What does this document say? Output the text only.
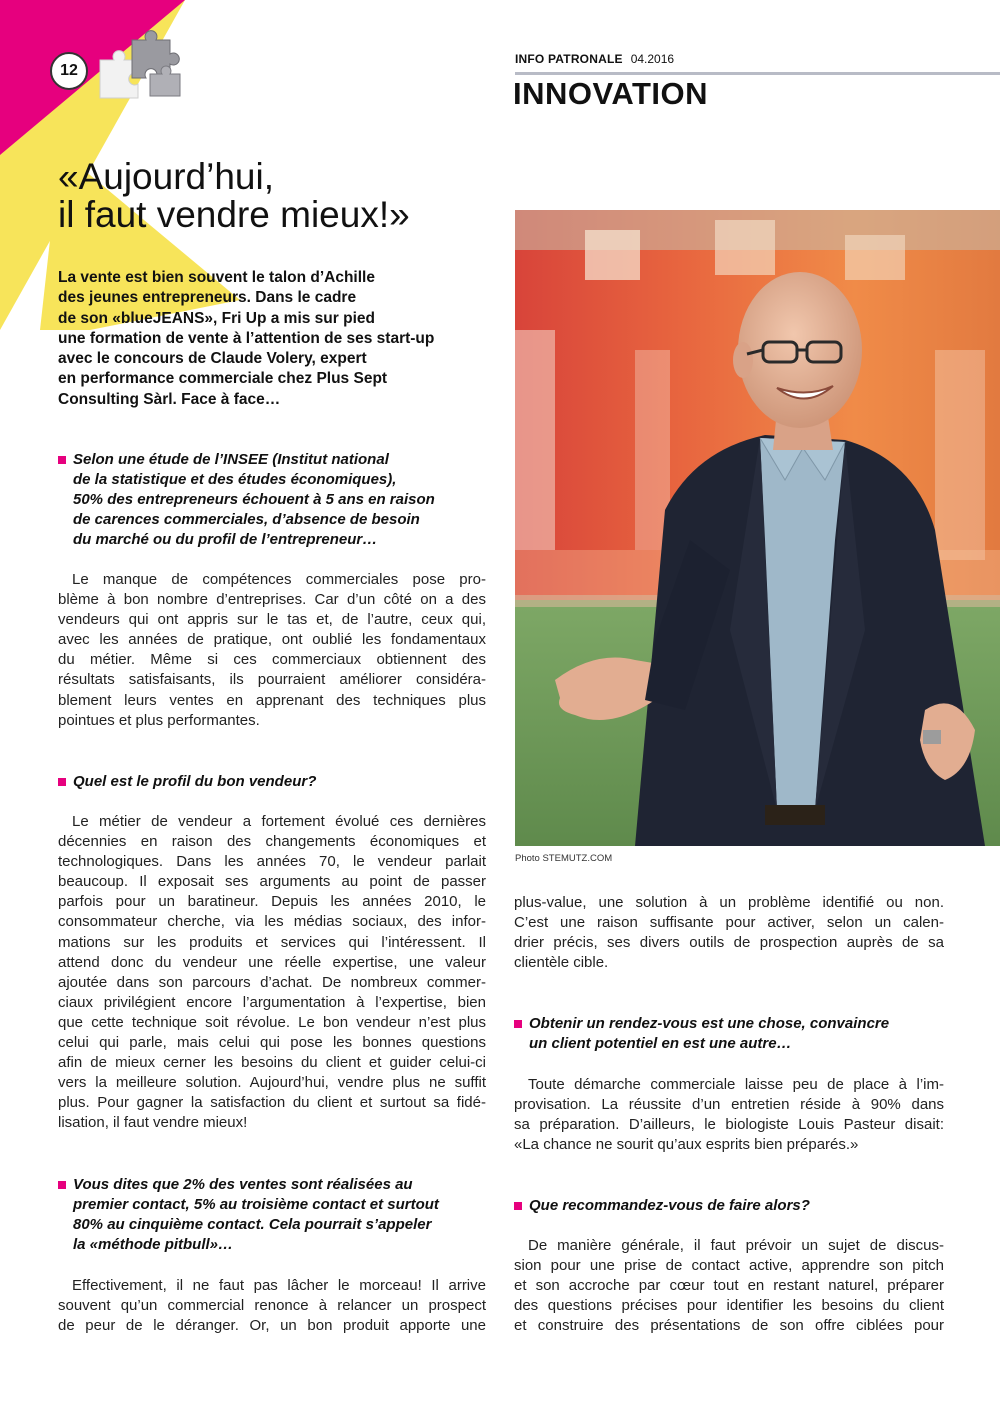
12
INFO PATRONALE 04.2016
INNOVATION
«Aujourd’hui,
il faut vendre mieux!»
La vente est bien souvent le talon d’Achille
des jeunes entrepreneurs. Dans le cadre
de son «blueJEANS», Fri Up a mis sur pied
une formation de vente à l’attention de ses start-up
avec le concours de Claude Volery, expert
en performance commerciale chez Plus Sept
Consulting Sàrl. Face à face…
Selon une étude de l’INSEE (Institut national
de la statistique et des études économiques),
50% des entrepreneurs échouent à 5 ans en raison
de carences commerciales, d’absence de besoin
du marché ou du profil de l’entrepreneur…
Le manque de compétences commerciales pose pro-
blème à bon nombre d’entreprises. Car d’un côté on a des
vendeurs qui ont appris sur le tas et, de l’autre, ceux qui,
avec les années de pratique, ont oublié les fondamentaux
du métier. Même si ces commerciaux obtiennent des
résultats satisfaisants, ils pourraient améliorer considéra-
blement leurs ventes en apprenant des techniques plus
pointues et plus performantes.
Quel est le profil du bon vendeur?
Le métier de vendeur a fortement évolué ces dernières
décennies en raison des changements économiques et
technologiques. Dans les années 70, le vendeur parlait
beaucoup. Il exposait ses arguments au point de passer
parfois pour un baratineur. Depuis les années 2010, le
consommateur cherche, via les médias sociaux, des infor-
mations sur les produits et services qui l’intéressent. Il
attend donc du vendeur une réelle expertise, une valeur
ajoutée dans son parcours d’achat. De nombreux commer-
ciaux privilégient encore l’argumentation à l’expertise, bien
que cette technique soit révolue. Le bon vendeur n’est plus
celui qui parle, mais celui qui pose les bonnes questions
afin de mieux cerner les besoins du client et guider celui-ci
vers la meilleure solution. Aujourd’hui, vendre plus ne suffit
plus. Pour gagner la satisfaction du client et surtout sa fidé-
lisation, il faut vendre mieux!
Vous dites que 2% des ventes sont réalisées au
premier contact, 5% au troisième contact et surtout
80% au cinquième contact. Cela pourrait s’appeler
la «méthode pitbull»…
Effectivement, il ne faut pas lâcher le morceau! Il arrive
souvent qu’un commercial renonce à relancer un prospect
de peur de le déranger. Or, un bon produit apporte une
Photo STEMUTZ.COM
plus-value, une solution à un problème identifié ou non.
C’est une raison suffisante pour activer, selon un calen-
drier précis, ses divers outils de prospection auprès de sa
clientèle cible.
Obtenir un rendez-vous est une chose, convaincre
un client potentiel en est une autre…
Toute démarche commerciale laisse peu de place à l’im-
provisation. La réussite d’un entretien réside à 90% dans
sa préparation. D’ailleurs, le biologiste Louis Pasteur disait:
«La chance ne sourit qu’aux esprits bien préparés.»
Que recommandez-vous de faire alors?
De manière générale, il faut prévoir un sujet de discus-
sion pour une prise de contact active, apprendre son pitch
et son accroche par cœur tout en restant naturel, préparer
des questions précises pour identifier les besoins du client
et construire des présentations de son offre ciblées pour
